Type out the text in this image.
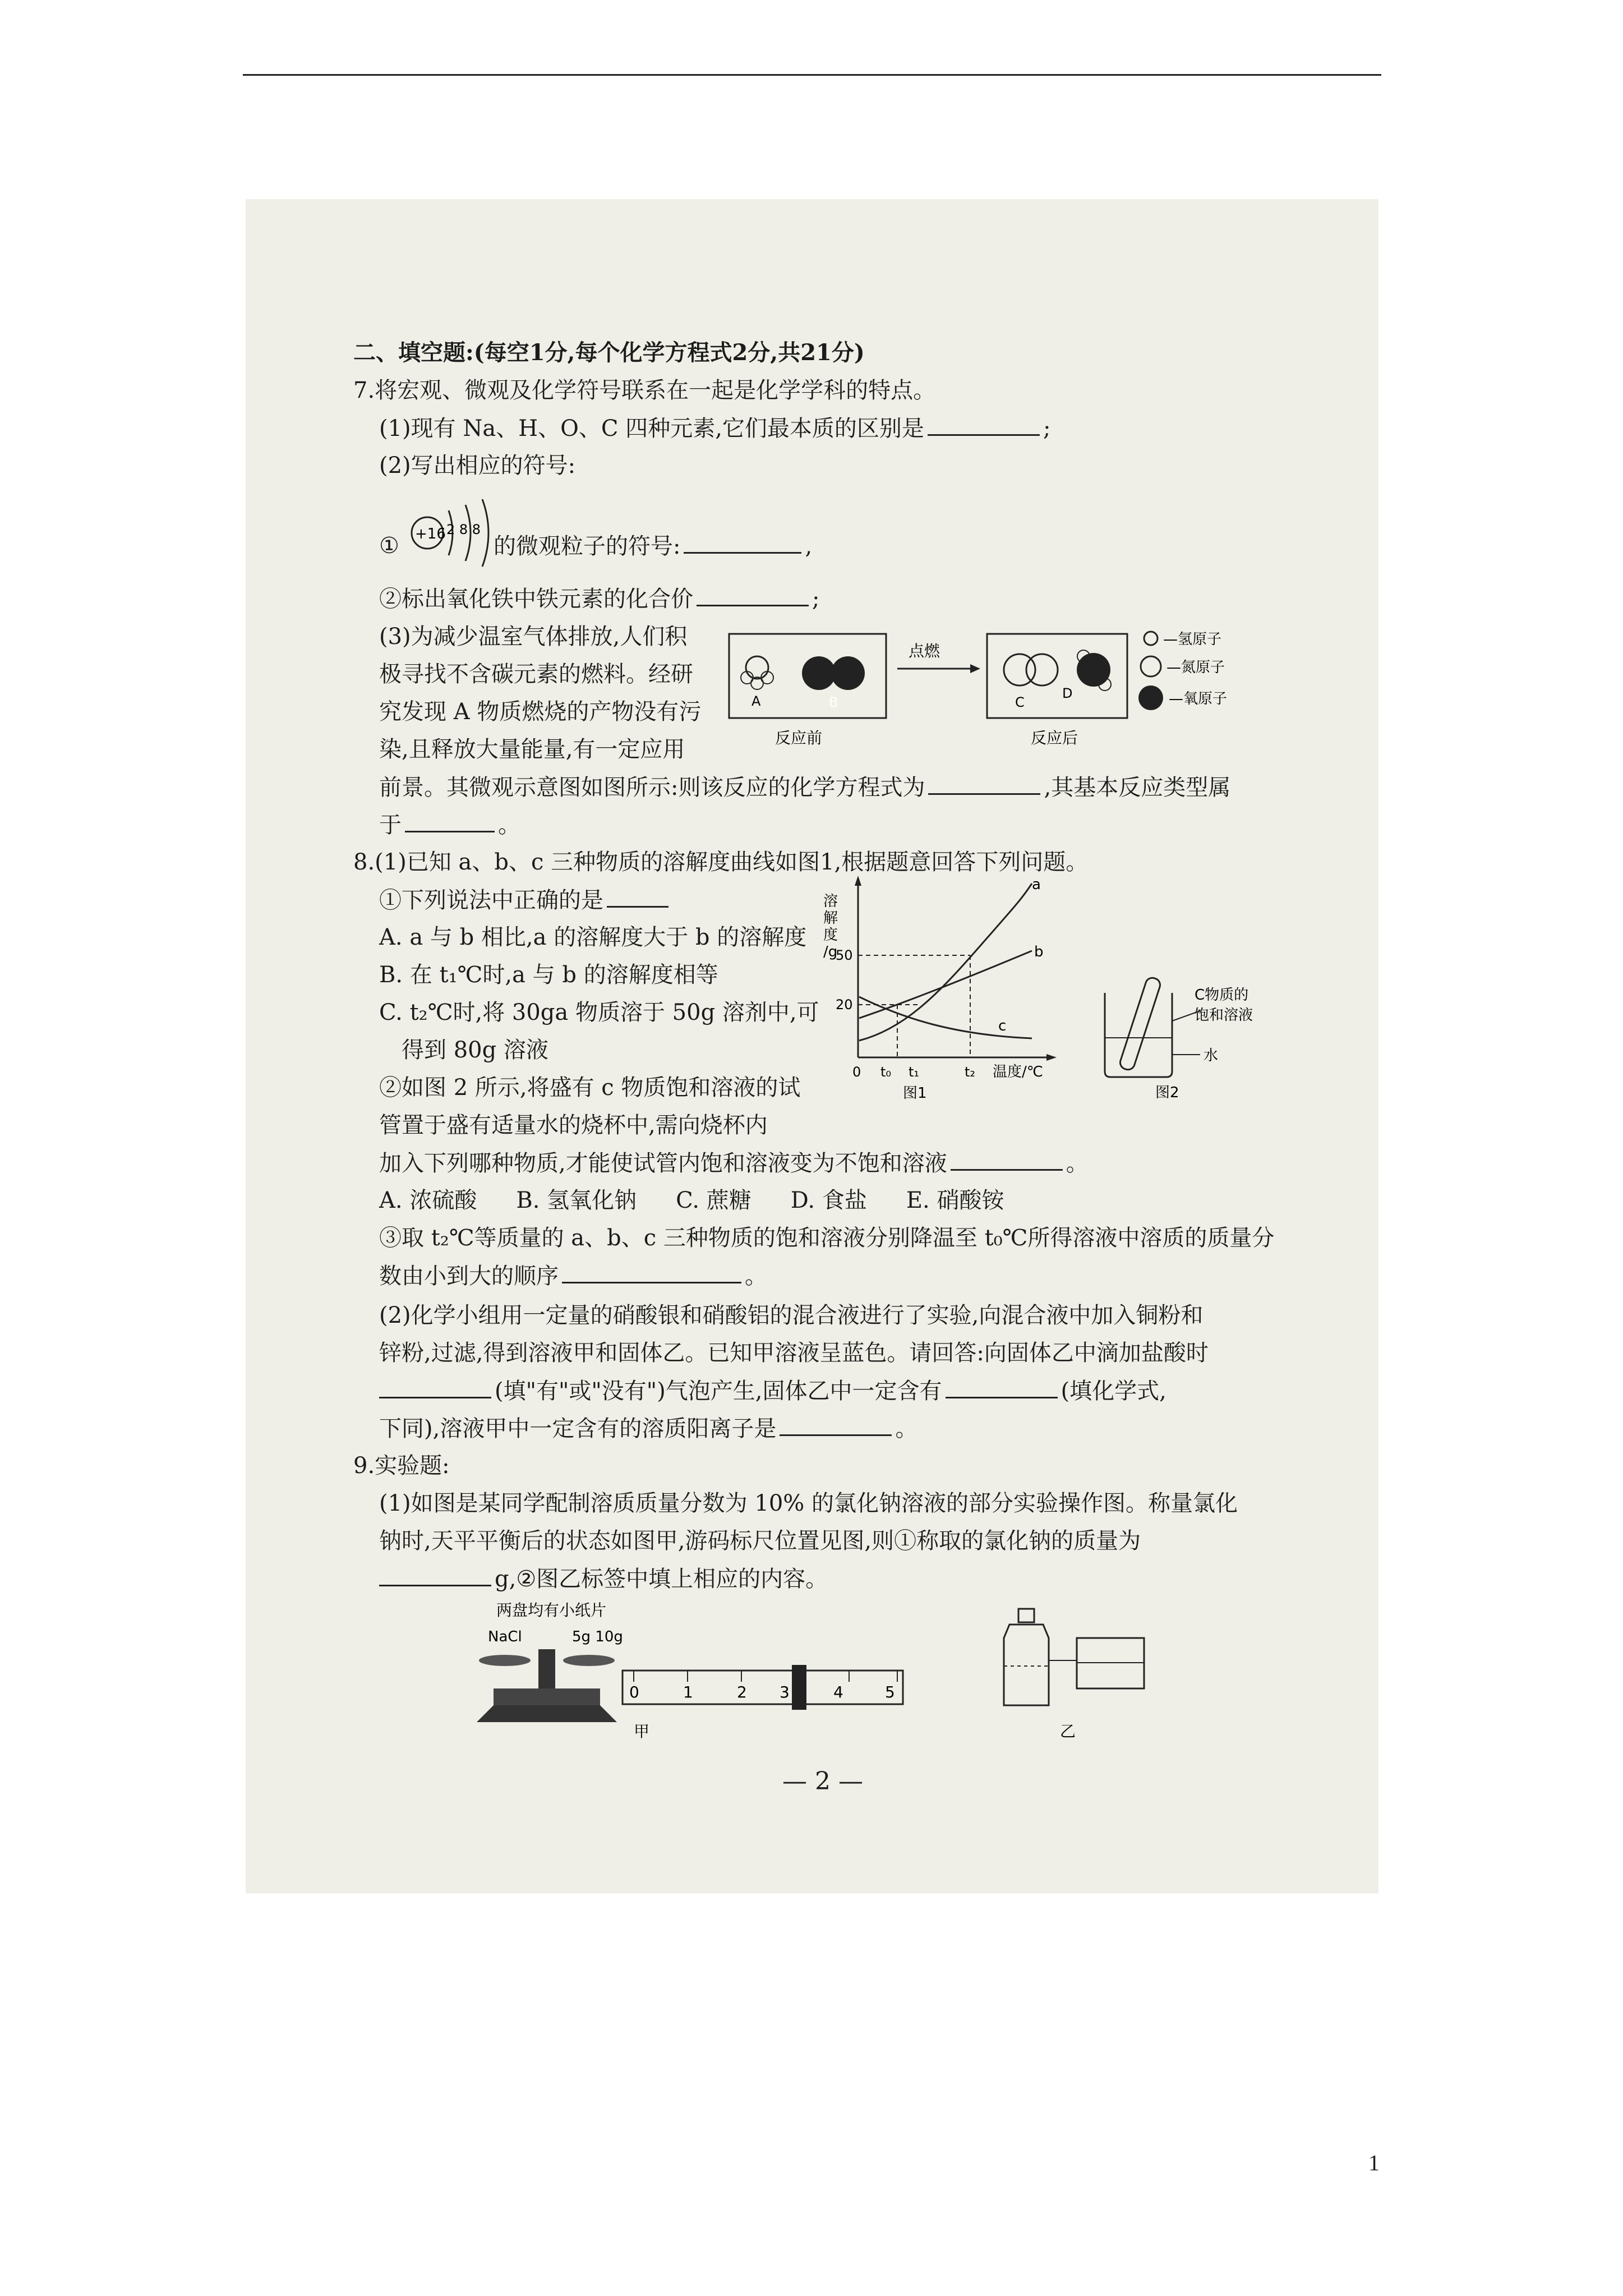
二、填空题:(每空1分,每个化学方程式2分,共21分)
7.将宏观、微观及化学符号联系在一起是化学学科的特点。
(1)现有 Na、H、O、C 四种元素,它们最本质的区别是	;
(2)写出相应的符号:
+16 2 8 8
①	的微观粒子的符号:	,
②标出氧化铁中铁元素的化合价	;
(3)为减少温室气体排放,人们积
极寻找不含碳元素的燃料。经研
究发现 A 物质燃烧的产物没有污
染,且释放大量能量,有一定应用
前景。其微观示意图如图所示:则该反应的化学方程式为	,其基本反应类型属
于	。
A	B
反应前
点燃
C
D
反应后
—氢原子
—氮原子
—氧原子
8.(1)已知 a、b、c 三种物质的溶解度曲线如图1,根据题意回答下列问题。
①下列说法中正确的是
A. a 与 b 相比,a 的溶解度大于 b 的溶解度
B. 在 t₁℃时,a 与 b 的溶解度相等
C. t₂℃时,将 30ga 物质溶于 50g 溶剂中,可
得到 80g 溶液
②如图 2 所示,将盛有 c 物质饱和溶液的试
管置于盛有适量水的烧杯中,需向烧杯内
加入下列哪种物质,才能使试管内饱和溶液变为不饱和溶液	。
A. 浓硫酸 B. 氢氧化钠 C. 蔗糖 D. 食盐 E. 硝酸铵
③取 t₂℃等质量的 a、b、c 三种物质的饱和溶液分别降温至 t₀℃所得溶液中溶质的质量分
数由小到大的顺序	。
(2)化学小组用一定量的硝酸银和硝酸铝的混合液进行了实验,向混合液中加入铜粉和
锌粉,过滤,得到溶液甲和固体乙。已知甲溶液呈蓝色。请回答:向固体乙中滴加盐酸时
(填"有"或"没有")气泡产生,固体乙中一定含有	(填化学式,
下同),溶液甲中一定含有的溶质阳离子是	。
溶
解
度
/g
50
20
a
b
c
0 t₀ t₁	t₂ 温度/℃
图1
C物质的
饱和溶液
水
图2
9.实验题:
(1)如图是某同学配制溶质质量分数为 10% 的氯化钠溶液的部分实验操作图。称量氯化
钠时,天平平衡后的状态如图甲,游码标尺位置见图,则①称取的氯化钠的质量为
g,②图乙标签中填上相应的内容。
两盘均有小纸片
NaCl	5g 10g
0	1	2 3	4	5
甲	乙
— 2 —
1
